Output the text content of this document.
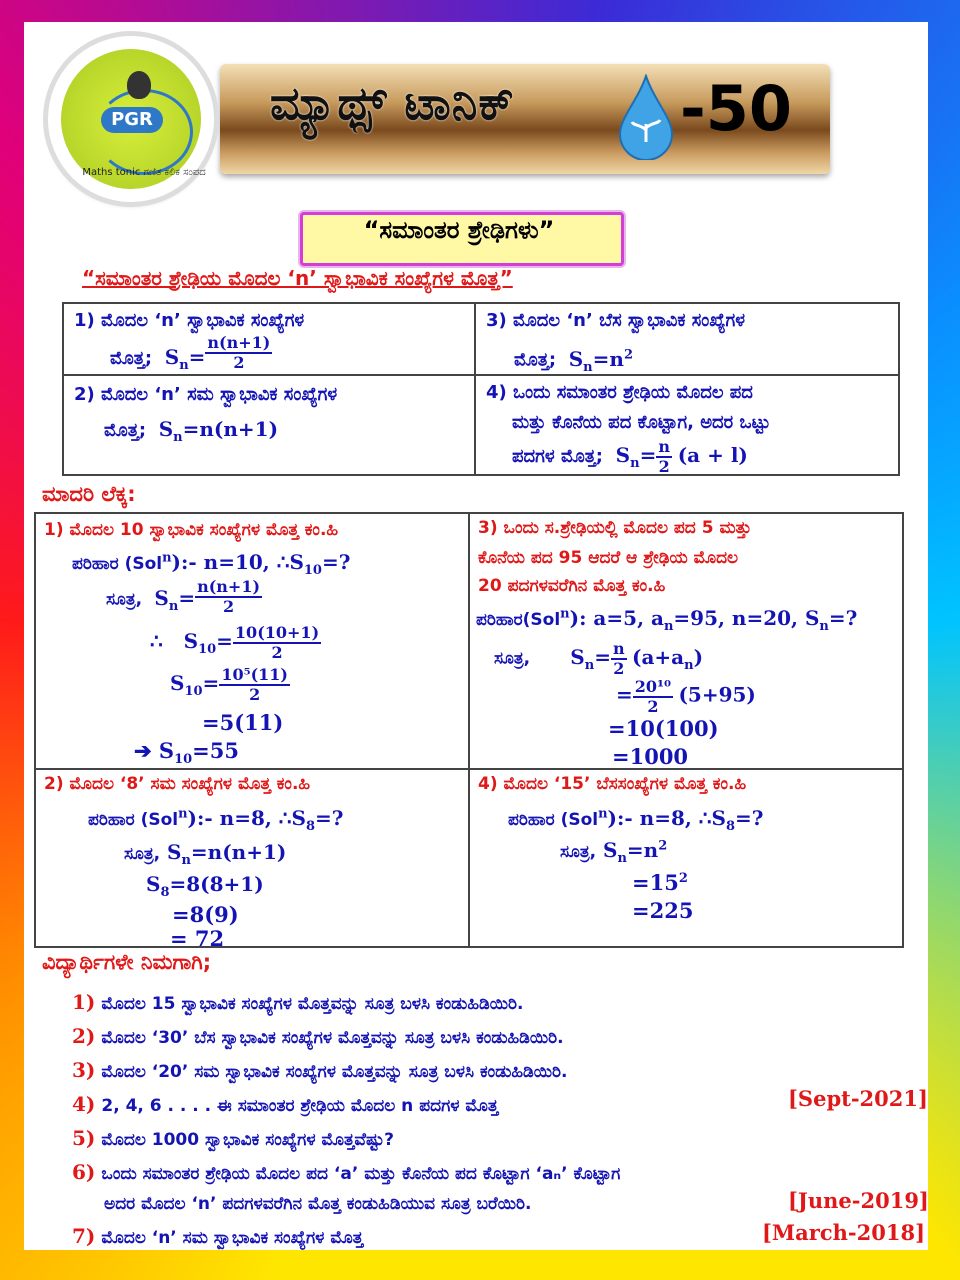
ಮ್ಯಾಥ್ಸ್ ಟಾನಿಕ್	-50
PGR
Maths tonic ಗಣಿತ ಕಲಿಕ ಸಂಪದ
“ಸಮಾಂತರ ಶ್ರೇಢಿಗಳು”
“ಸಮಾಂತರ ಶ್ರೇಢಿಯ ಮೊದಲ ‘n’ ಸ್ವಾಭಾವಿಕ ಸಂಖ್ಯೆಗಳ ಮೊತ್ತ”
1) ಮೊದಲ ‘n’ ಸ್ವಾಭಾವಿಕ ಸಂಖ್ಯೆಗಳ
ಮೊತ್ತ; $S_n= \frac{n(n+1)}{2}$
3) ಮೊದಲ ‘n’ ಬೆಸ ಸ್ವಾಭಾವಿಕ ಸಂಖ್ಯೆಗಳ
ಮೊತ್ತ;  $S_n=n^2$
2) ಮೊದಲ ‘n’ ಸಮ ಸ್ವಾಭಾವಿಕ ಸಂಖ್ಯೆಗಳ
ಮೊತ್ತ;  $S_n=n(n+1)$
4) ಒಂದು ಸಮಾಂತರ ಶ್ರೇಢಿಯ ಮೊದಲ ಪದ
ಮತ್ತು ಕೊನೆಯ ಪದ ಕೊಟ್ಟಾಗ, ಅದರ ಒಟ್ಟು
ಪದಗಳ ಮೊತ್ತ;  $S_n= \frac{n}{2} (a + l)$
ಮಾದರಿ ಲೆಕ್ಕ:
1) ಮೊದಲ 10 ಸ್ವಾಭಾವಿಕ ಸಂಖ್ಯೆಗಳ ಮೊತ್ತ ಕಂ.ಹಿ
ಪರಿಹಾರ (Sol$^n$):- n=10, $\therefore S_{10}=$?
ಸೂತ್ರ,  $S_n= \frac{n(n+1)}{2}$
∴   $S_{10}= \frac{10(10+1)}{2}$
$S_{10}= \frac{\text{10⁵(11)}}{2}$
=5(11)
➔ $S_{10}=55$
3) ಒಂದು ಸ.ಶ್ರೇಢಿಯಲ್ಲಿ ಮೊದಲ ಪದ 5 ಮತ್ತು
ಕೊನೆಯ ಪದ 95 ಆದರೆ ಆ ಶ್ರೇಢಿಯ ಮೊದಲ
20 ಪದಗಳವರೆಗಿನ ಮೊತ್ತ ಕಂ.ಹಿ
ಪರಿಹಾರ(Sol$^n$): a=5, $a_n=95$, n=20, $S_n=$?
ಸೂತ್ರ,      $S_n= \frac{n}{2} (a+a_n)$
= $\frac{\text{20¹⁰}}{2} (5+95)$
=10(100)
=1000
2) ಮೊದಲ ‘8’ ಸಮ ಸಂಖ್ಯೆಗಳ ಮೊತ್ತ ಕಂ.ಹಿ
ಪರಿಹಾರ (Sol$^n$):- n=8, $\therefore S_8=$?
ಸೂತ್ರ, $S_n=n(n+1)$
$S_8=8(8+1)$
=8(9)
= 72
4) ಮೊದಲ ‘15’ ಬೆಸಸಂಖ್ಯೆಗಳ ಮೊತ್ತ ಕಂ.ಹಿ
ಪರಿಹಾರ (Sol$^n$):- n=8, $\therefore S_8=$?
ಸೂತ್ರ, $S_n=n^2$
$=15^2$
=225
ವಿದ್ಯಾರ್ಥಿಗಳೇ ನಿಮಗಾಗಿ;
1) ಮೊದಲ 15 ಸ್ವಾಭಾವಿಕ ಸಂಖ್ಯೆಗಳ ಮೊತ್ತವನ್ನು ಸೂತ್ರ ಬಳಸಿ ಕಂಡುಹಿಡಿಯಿರಿ.
2) ಮೊದಲ ‘30’ ಬೆಸ ಸ್ವಾಭಾವಿಕ ಸಂಖ್ಯೆಗಳ ಮೊತ್ತವನ್ನು ಸೂತ್ರ ಬಳಸಿ ಕಂಡುಹಿಡಿಯಿರಿ.
3) ಮೊದಲ ‘20’ ಸಮ ಸ್ವಾಭಾವಿಕ ಸಂಖ್ಯೆಗಳ ಮೊತ್ತವನ್ನು ಸೂತ್ರ ಬಳಸಿ ಕಂಡುಹಿಡಿಯಿರಿ.
4) 2, 4, 6 . . . . ಈ ಸಮಾಂತರ ಶ್ರೇಢಿಯ ಮೊದಲ n ಪದಗಳ ಮೊತ್ತ	[Sept-2021]
5) ಮೊದಲ 1000 ಸ್ವಾಭಾವಿಕ ಸಂಖ್ಯೆಗಳ ಮೊತ್ತವೆಷ್ಟು?
6) ಒಂದು ಸಮಾಂತರ ಶ್ರೇಢಿಯ ಮೊದಲ ಪದ ‘a’ ಮತ್ತು ಕೊನೆಯ ಪದ ಕೊಟ್ಟಾಗ ‘aₙ’ ಕೊಟ್ಟಾಗ
ಅದರ ಮೊದಲ ‘n’ ಪದಗಳವರೆಗಿನ ಮೊತ್ತ ಕಂಡುಹಿಡಿಯುವ ಸೂತ್ರ ಬರೆಯಿರಿ.	[June-2019]
7) ಮೊದಲ ‘n’ ಸಮ ಸ್ವಾಭಾವಿಕ ಸಂಖ್ಯೆಗಳ ಮೊತ್ತ	[March-2018]
